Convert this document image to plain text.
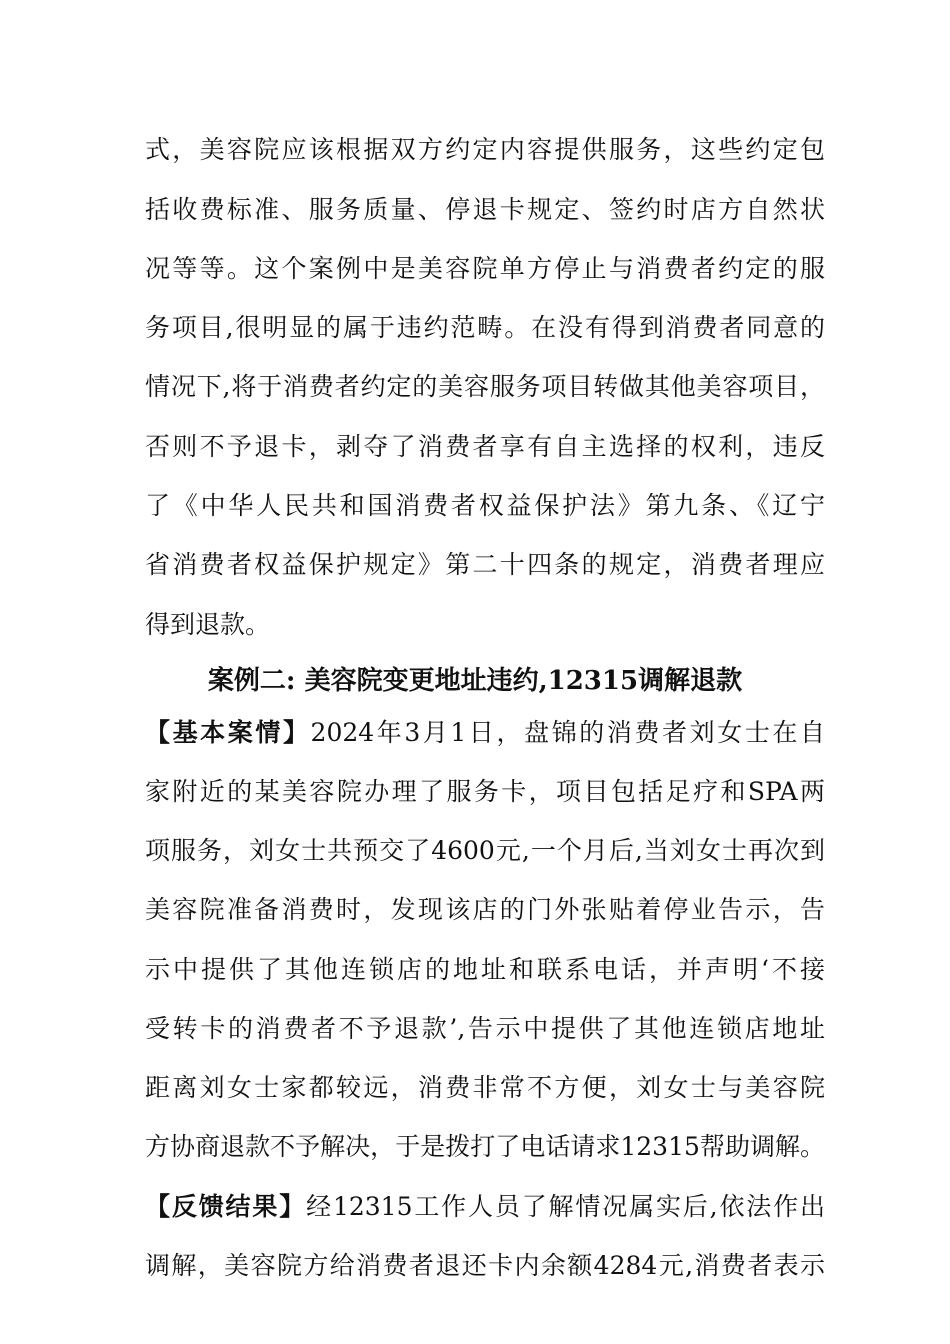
式，美容院应该根据双方约定内容提供服务，这些约定包
括收费标准、服务质量、停退卡规定、签约时店方自然状
况等等。这个案例中是美容院单方停止与消费者约定的服
务项目,很明显的属于违约范畴。在没有得到消费者同意的
情况下,将于消费者约定的美容服务项目转做其他美容项目，
否则不予退卡，剥夺了消费者享有自主选择的权利，违反
了《中华人民共和国消费者权益保护法》第九条、《辽宁
省消费者权益保护规定》第二十四条的规定，消费者理应
得到退款。
案例二: 美容院变更地址违约,12315调解退款
【基本案情】2024年3月1日，盘锦的消费者刘女士在自
家附近的某美容院办理了服务卡，项目包括足疗和SPA两
项服务，刘女士共预交了4600元,一个月后,当刘女士再次到
美容院准备消费时，发现该店的门外张贴着停业告示，告
示中提供了其他连锁店的地址和联系电话，并声明‘不接
受转卡的消费者不予退款’,告示中提供了其他连锁店地址
距离刘女士家都较远，消费非常不方便，刘女士与美容院
方协商退款不予解决，于是拨打了电话请求12315帮助调解。
【反馈结果】经12315工作人员了解情况属实后,依法作出
调解，美容院方给消费者退还卡内余额4284元,消费者表示
